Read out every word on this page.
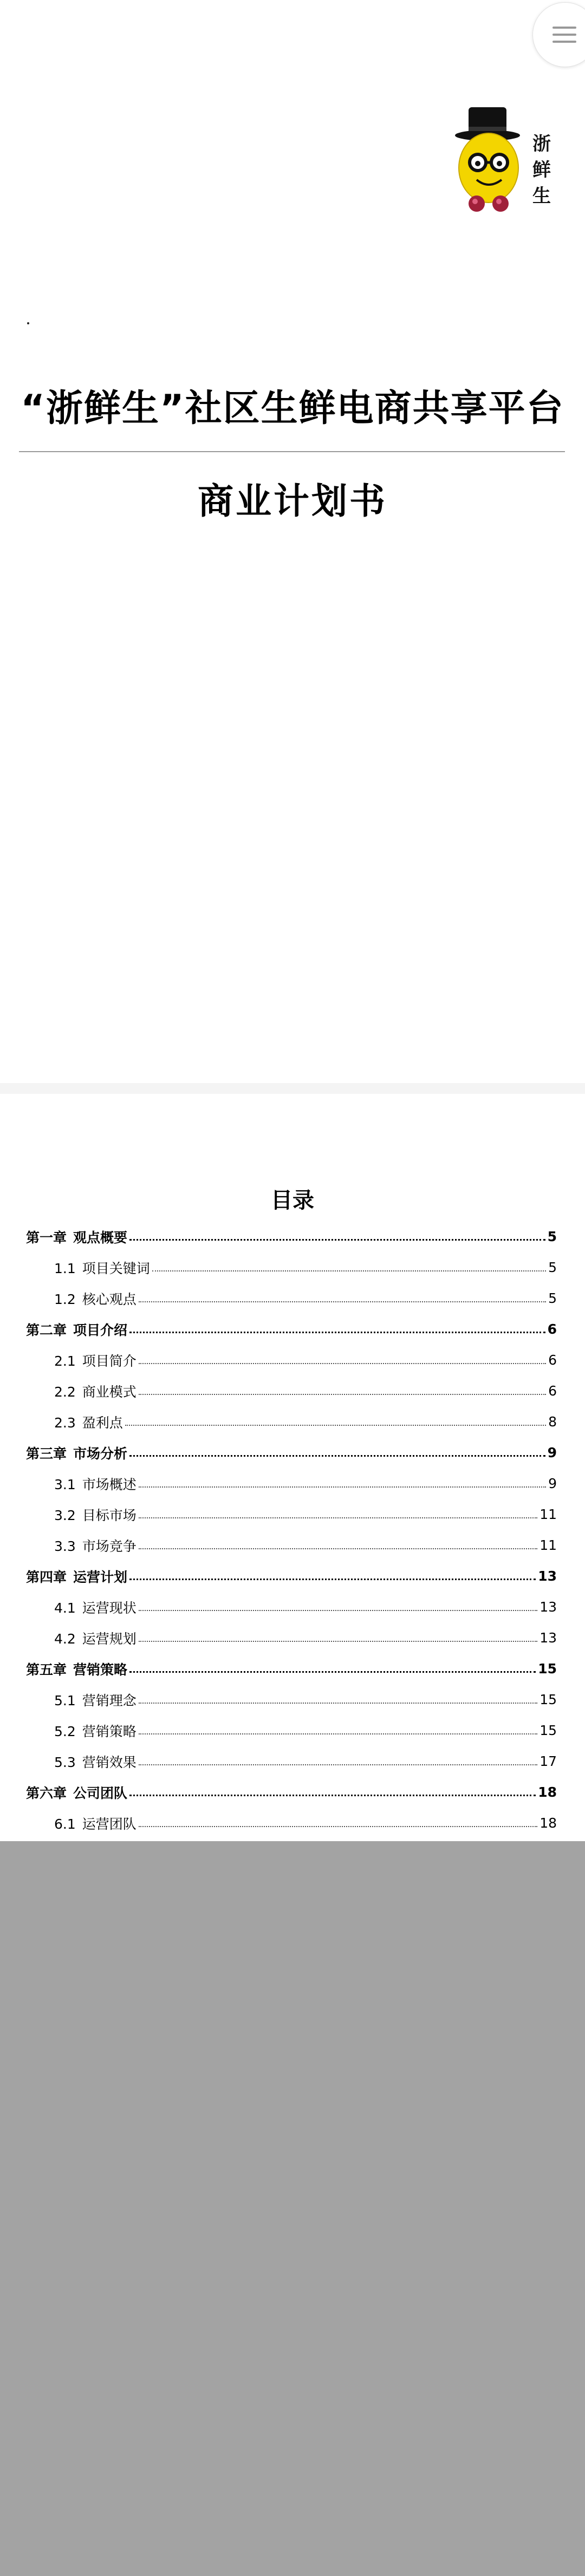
浙
鲜
生
“浙鲜生”社区生鲜电商共享平台
商业计划书
目录
第一章 观点概要	5
1.1 项目关键词	5
1.2 核心观点	5
第二章 项目介绍	6
2.1 项目简介	6
2.2 商业模式	6
2.3 盈利点	8
第三章 市场分析	9
3.1 市场概述	9
3.2 目标市场	11
3.3 市场竞争	11
第四章 运营计划	13
4.1 运营现状	13
4.2 运营规划	13
第五章 营销策略	15
5.1 营销理念	15
5.2 营销策略	15
5.3 营销效果	17
第六章 公司团队	18
6.1 运营团队	18
